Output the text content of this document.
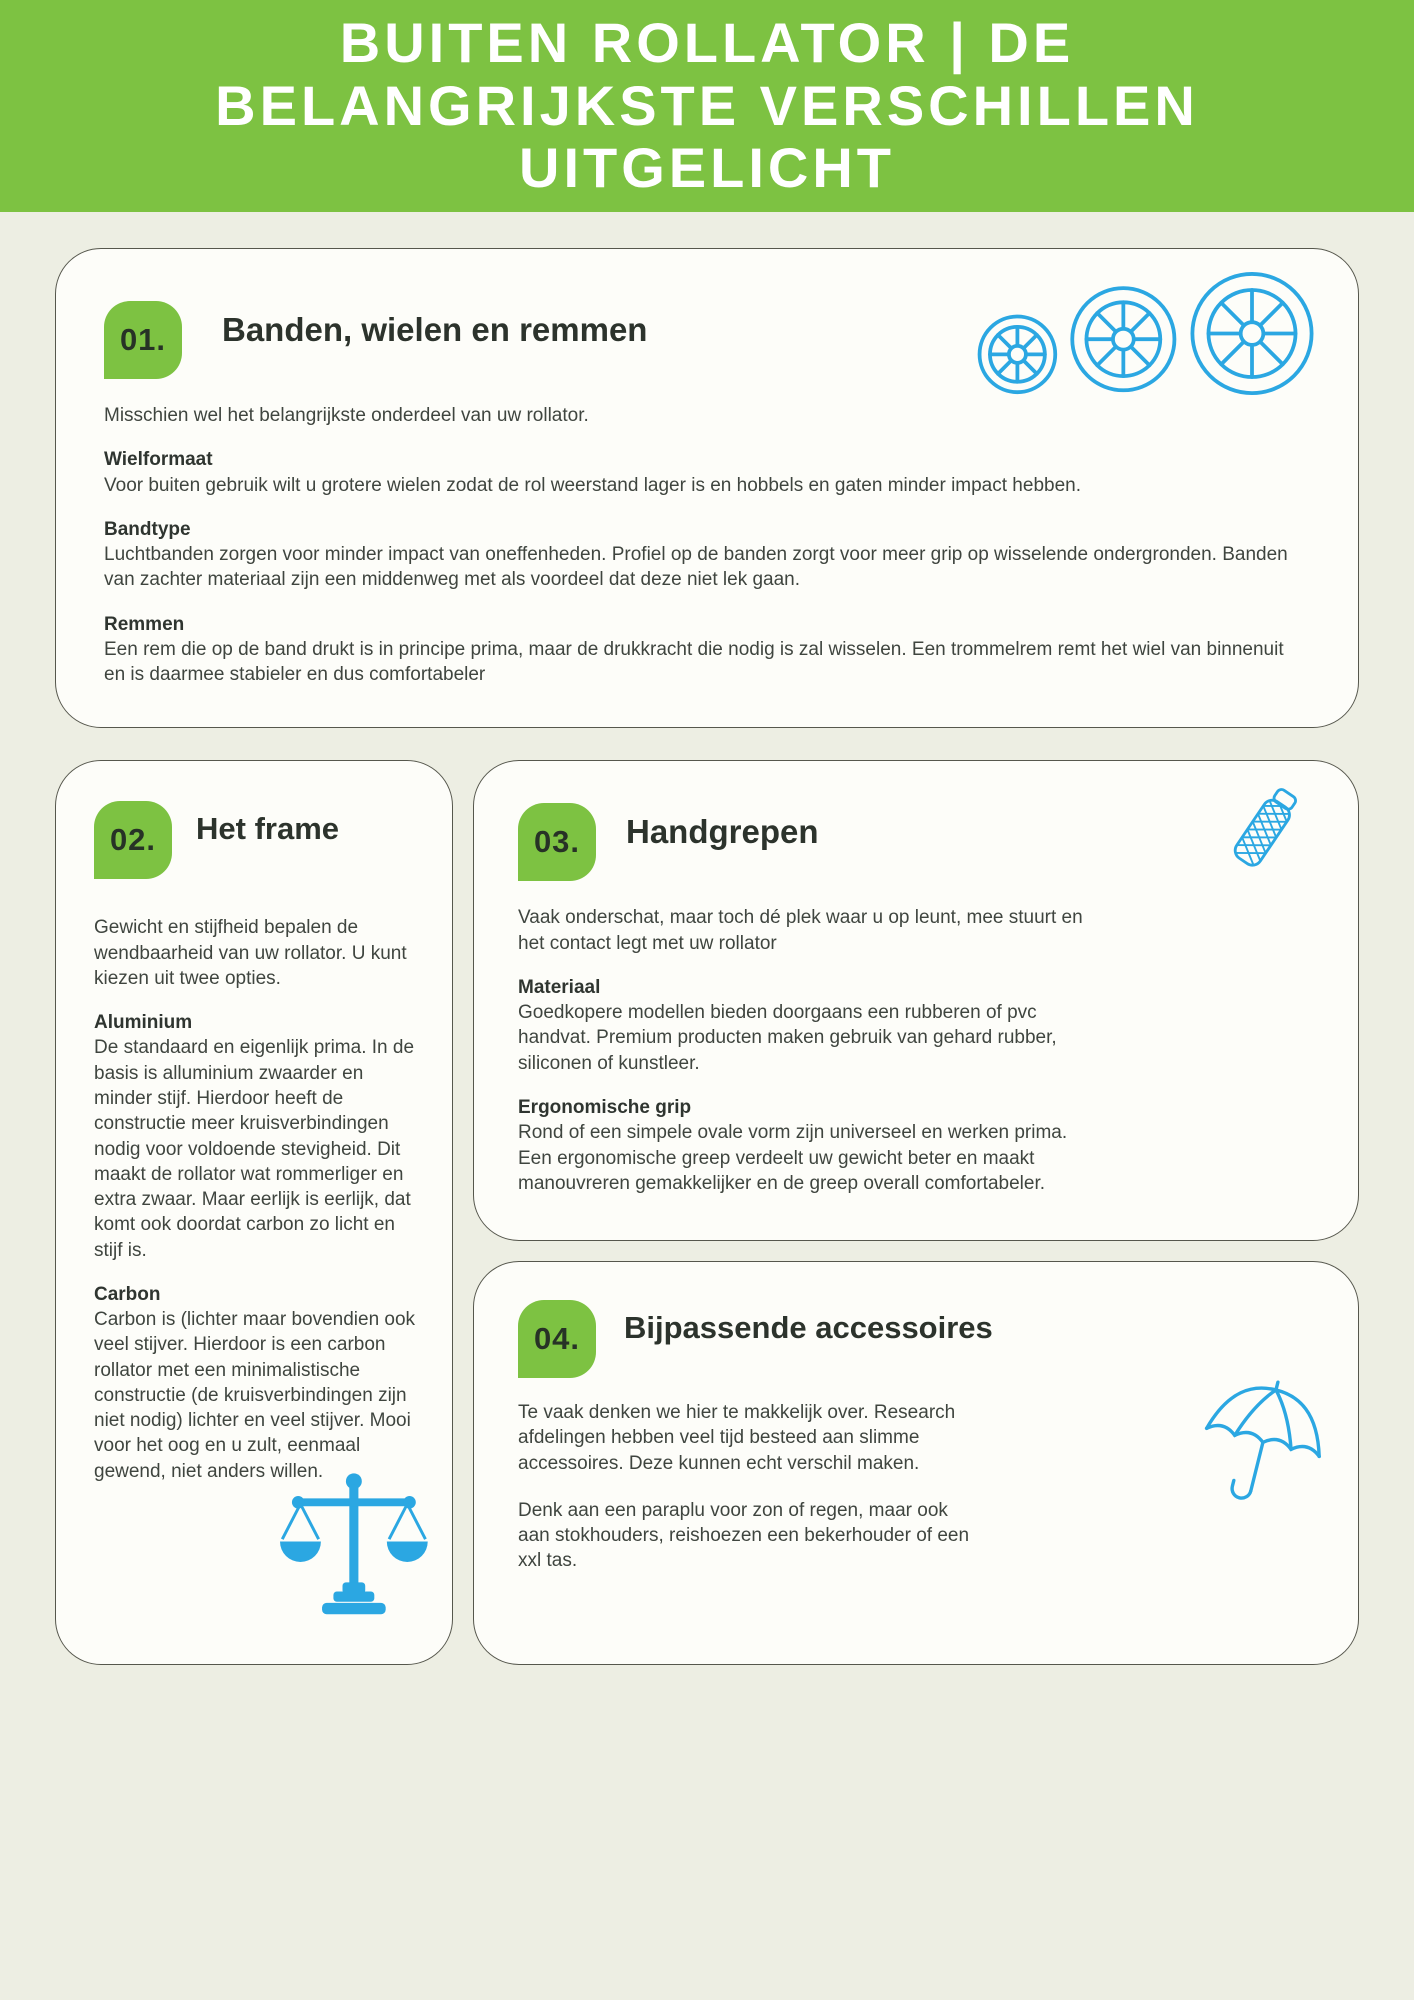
BUITEN ROLLATOR | DE
BELANGRIJKSTE VERSCHILLEN
UITGELICHT
01.	Banden, wielen en remmen

Misschien wel het belangrijkste onderdeel van uw rollator.

Wielformaat

Voor buiten gebruik wilt u grotere wielen zodat de rol weerstand lager is en hobbels en gaten minder impact hebben.

Bandtype

Luchtbanden zorgen voor minder impact van oneffenheden. Profiel op de banden zorgt voor meer grip op wisselende ondergronden. Banden van zachter materiaal zijn een middenweg met als voordeel dat deze niet lek gaan.

Remmen

Een rem die op de band drukt is in principe prima, maar de drukkracht die nodig is zal wisselen. Een trommelrem remt het wiel van binnenuit en is daarmee stabieler en dus comfortabeler

02.	Het frame

Gewicht en stijfheid bepalen de wendbaarheid van uw rollator. U kunt kiezen uit twee opties.

Aluminium

De standaard en eigenlijk prima. In de basis is alluminium zwaarder en minder stijf. Hierdoor heeft de constructie meer kruisverbindingen nodig voor voldoende stevigheid. Dit maakt de rollator wat rommerliger en extra zwaar. Maar eerlijk is eerlijk, dat komt ook doordat carbon zo licht en stijf is.

Carbon

Carbon is (lichter maar bovendien ook veel stijver. Hierdoor is een carbon rollator met een minimalistische constructie (de kruisverbindingen zijn niet nodig) lichter en veel stijver. Mooi voor het oog en u zult, eenmaal gewend, niet anders willen.

03.	Handgrepen

Vaak onderschat, maar toch dé plek waar u op leunt, mee stuurt en het contact legt met uw rollator

Materiaal

Goedkopere modellen bieden doorgaans een rubberen of pvc handvat. Premium producten maken gebruik van gehard rubber, siliconen of kunstleer.

Ergonomische grip

Rond of een simpele ovale vorm zijn universeel en werken prima. Een ergonomische greep verdeelt uw gewicht beter en maakt manouvreren gemakkelijker en de greep overall comfortabeler.

04.	Bijpassende accessoires

Te vaak denken we hier te makkelijk over. Research afdelingen hebben veel tijd besteed aan slimme accessoires. Deze kunnen echt verschil maken.

Denk aan een paraplu voor zon of regen, maar ook aan stokhouders, reishoezen een bekerhouder of een xxl tas.
